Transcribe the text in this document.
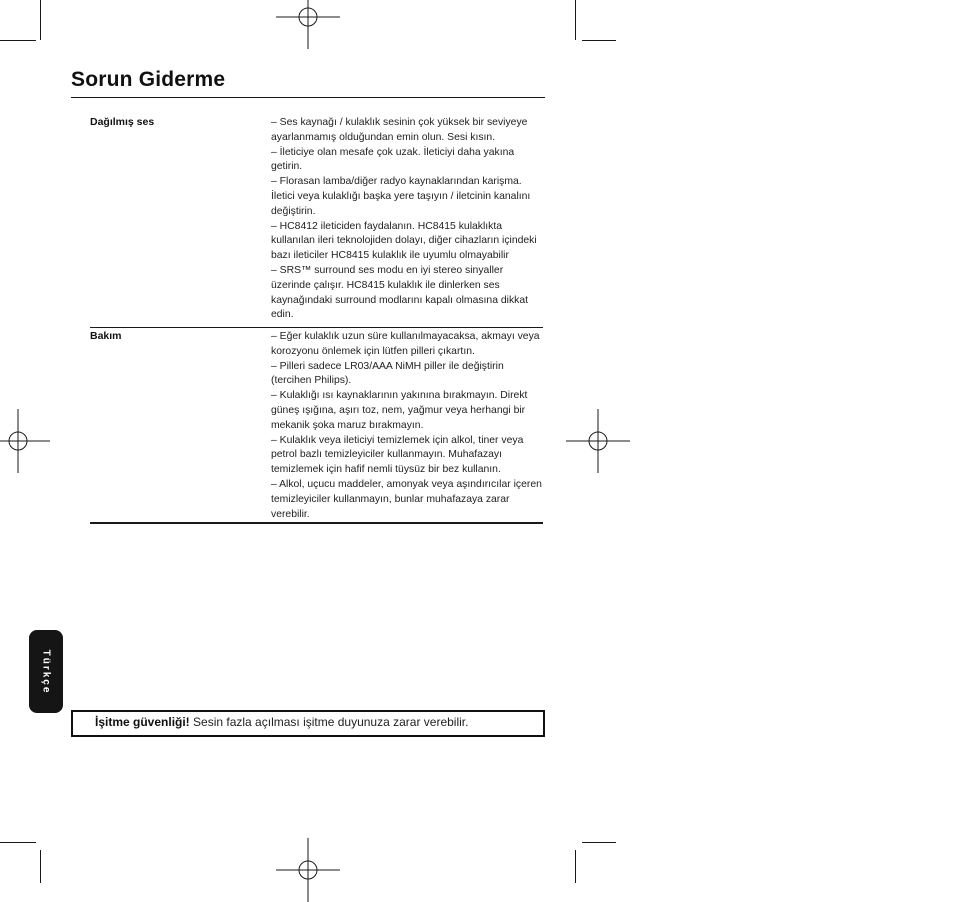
Sorun Giderme
Dağılmış ses	– Ses kaynağı / kulaklık sesinin çok yüksek bir seviyeye ayarlanmamış olduğundan emin olun. Sesi kısın.

– İleticiye olan mesafe çok uzak. İleticiyi daha yakına getirin.

– Florasan lamba/diğer radyo kaynaklarından karişma. İletici veya kulaklığı başka yere taşıyın / iletcinin kanalını değiştirin.

– HC8412 ileticiden faydalanın. HC8415 kulaklıkta kullanılan ileri teknolojiden dolayı, diğer cihazların içindeki bazı ileticiler HC8415 kulaklık ile uyumlu olmayabilir

– SRS™ surround ses modu en iyi stereo sinyaller üzerinde çalışır. HC8415 kulaklık ile dinlerken ses kaynağındaki surround modlarını kapalı olmasına dikkat edin.

Bakım	– Eğer kulaklık uzun süre kullanılmayacaksa, akmayı veya korozyonu önlemek için lütfen pilleri çıkartın.

– Pilleri sadece LR03/AAA NiMH piller ile değiştirin (tercihen Philips).

– Kulaklığı ısı kaynaklarının yakınına bırakmayın. Direkt güneş ışığına, aşırı toz, nem, yağmur veya herhangi bir mekanik şoka maruz bırakmayın.

– Kulaklık veya ileticiyi temizlemek için alkol, tiner veya petrol bazlı temizleyiciler kullanmayın. Muhafazayı temizlemek için hafif nemli tüysüz bir bez kullanın.

– Alkol, uçucu maddeler, amonyak veya aşındırıcılar içeren temizleyiciler kullanmayın, bunlar muhafazaya zarar verebilir.

Türkçe
İşitme güvenliği! Sesin fazla açılması işitme duyunuza zarar verebilir.
